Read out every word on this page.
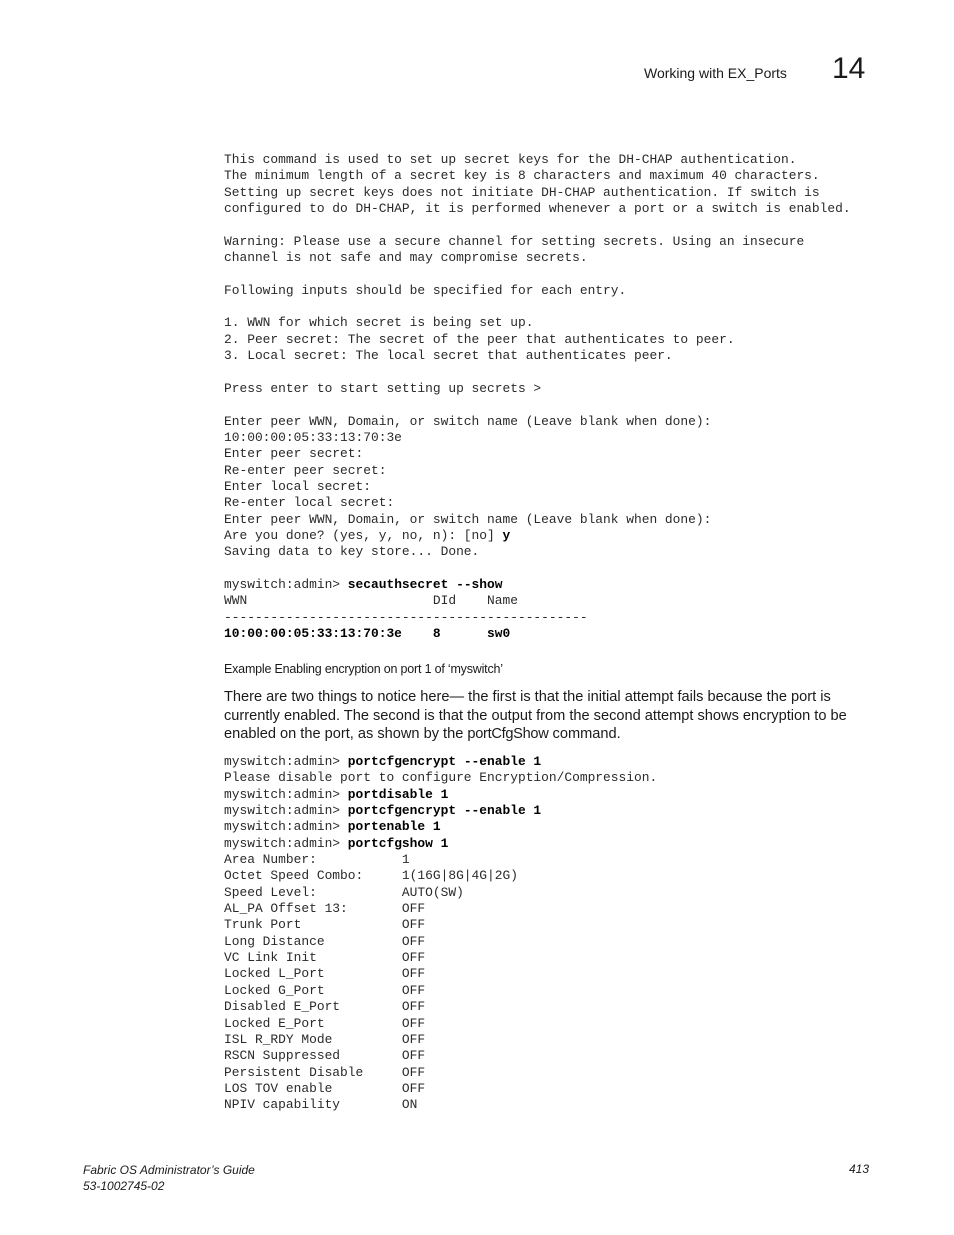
Working with EX_Ports 14
This command is used to set up secret keys for the DH-CHAP authentication.
The minimum length of a secret key is 8 characters and maximum 40 characters.
Setting up secret keys does not initiate DH-CHAP authentication. If switch is
configured to do DH-CHAP, it is performed whenever a port or a switch is enabled.

Warning: Please use a secure channel for setting secrets. Using an insecure
channel is not safe and may compromise secrets.

Following inputs should be specified for each entry.

1. WWN for which secret is being set up.
2. Peer secret: The secret of the peer that authenticates to peer.
3. Local secret: The local secret that authenticates peer.

Press enter to start setting up secrets >

Enter peer WWN, Domain, or switch name (Leave blank when done):
10:00:00:05:33:13:70:3e
Enter peer secret:
Re-enter peer secret:
Enter local secret:
Re-enter local secret:
Enter peer WWN, Domain, or switch name (Leave blank when done):
Are you done? (yes, y, no, n): [no] y
Saving data to key store... Done.

myswitch:admin> secauthsecret --show
WWN                        DId    Name
-----------------------------------------------
10:00:00:05:33:13:70:3e    8      sw0
Example Enabling encryption on port 1 of ‘myswitch’
There are two things to notice here— the first is that the initial attempt fails because the port is currently enabled. The second is that the output from the second attempt shows encryption to be enabled on the port, as shown by the portCfgShow command.
myswitch:admin> portcfgencrypt --enable 1
Please disable port to configure Encryption/Compression.
myswitch:admin> portdisable 1
myswitch:admin> portcfgencrypt --enable 1
myswitch:admin> portenable 1
myswitch:admin> portcfgshow 1
Area Number:           1
Octet Speed Combo:     1(16G|8G|4G|2G)
Speed Level:           AUTO(SW)
AL_PA Offset 13:       OFF
Trunk Port             OFF
Long Distance          OFF
VC Link Init           OFF
Locked L_Port          OFF
Locked G_Port          OFF
Disabled E_Port        OFF
Locked E_Port          OFF
ISL R_RDY Mode         OFF
RSCN Suppressed        OFF
Persistent Disable     OFF
LOS TOV enable         OFF
NPIV capability        ON
Fabric OS Administrator’s Guide
53-1002745-02
413
